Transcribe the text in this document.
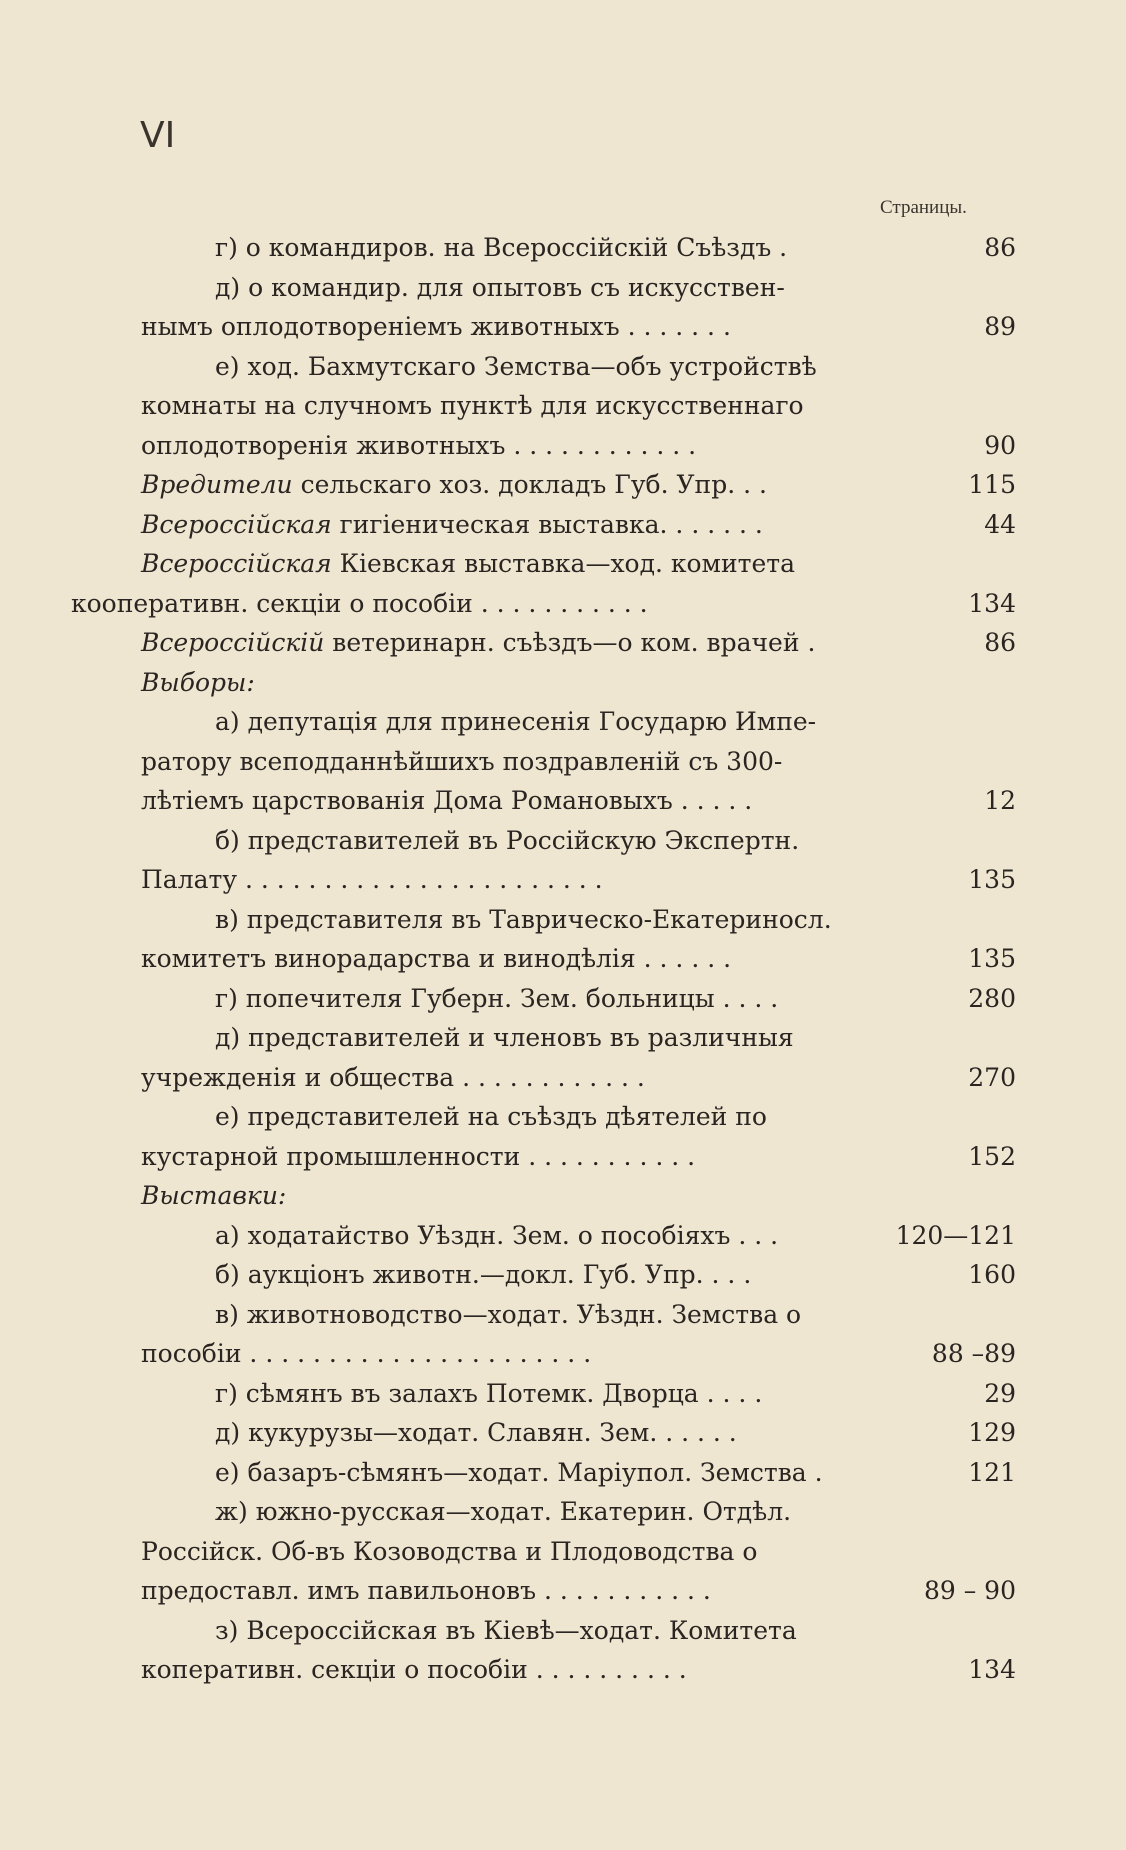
VI
Страницы.
г) о командиров. на Всероссійскій Съѣздъ .	86
д) о командир. для опытовъ съ искусствен-
нымъ оплодотвореніемъ животныхъ . . . . . . .	89
е) ход. Бахмутскаго Земства—объ устройствѣ
комнаты на случномъ пунктѣ для искусственнаго
оплодотворенія животныхъ . . . . . . . . . . . .	90
Вредители сельскаго хоз. докладъ Губ. Упр. . .	115
Всероссійская гигіеническая выставка. . . . . . .	44
Всероссійская Кіевская выставка—ход. комитета
кооперативн. секціи о пособіи . . . . . . . . . . .	134
Всероссійскій ветеринарн. съѣздъ—о ком. врачей .	86
Выборы:
а) депутація для принесенія Государю Импе-
ратору всеподданнѣйшихъ поздравленій съ 300-
лѣтіемъ царствованія Дома Романовыхъ . . . . .	12
б) представителей въ Россійскую Экспертн.
Палату . . . . . . . . . . . . . . . . . . . . . . .	135
в) представителя въ Таврическо-Екатериносл.
комитетъ винорадарства и винодѣлія . . . . . .	135
г) попечителя Губерн. Зем. больницы . . . .	280
д) представителей и членовъ въ различныя
учрежденія и общества . . . . . . . . . . . .	270
е) представителей на съѣздъ дѣятелей по
кустарной промышленности . . . . . . . . . . .	152
Выставки:
а) ходатайство Уѣздн. Зем. о пособіяхъ . . .	120—121
б) аукціонъ животн.—докл. Губ. Упр. . . .	160
в) животноводство—ходат. Уѣздн. Земства о
пособіи . . . . . . . . . . . . . . . . . . . . . .	88 –89
г) сѣмянъ въ залахъ Потемк. Дворца . . . .	29
д) кукурузы—ходат. Славян. Зем. . . . . .	129
е) базаръ-сѣмянъ—ходат. Маріупол. Земства .	121
ж) южно-русская—ходат. Екатерин. Отдѣл.
Россійск. Об-въ Козоводства и Плодоводства о
предоставл. имъ павильоновъ . . . . . . . . . . .	89 – 90
з) Всероссійская въ Кіевѣ—ходат. Комитета
коперативн. секціи о пособіи . . . . . . . . . .	134
